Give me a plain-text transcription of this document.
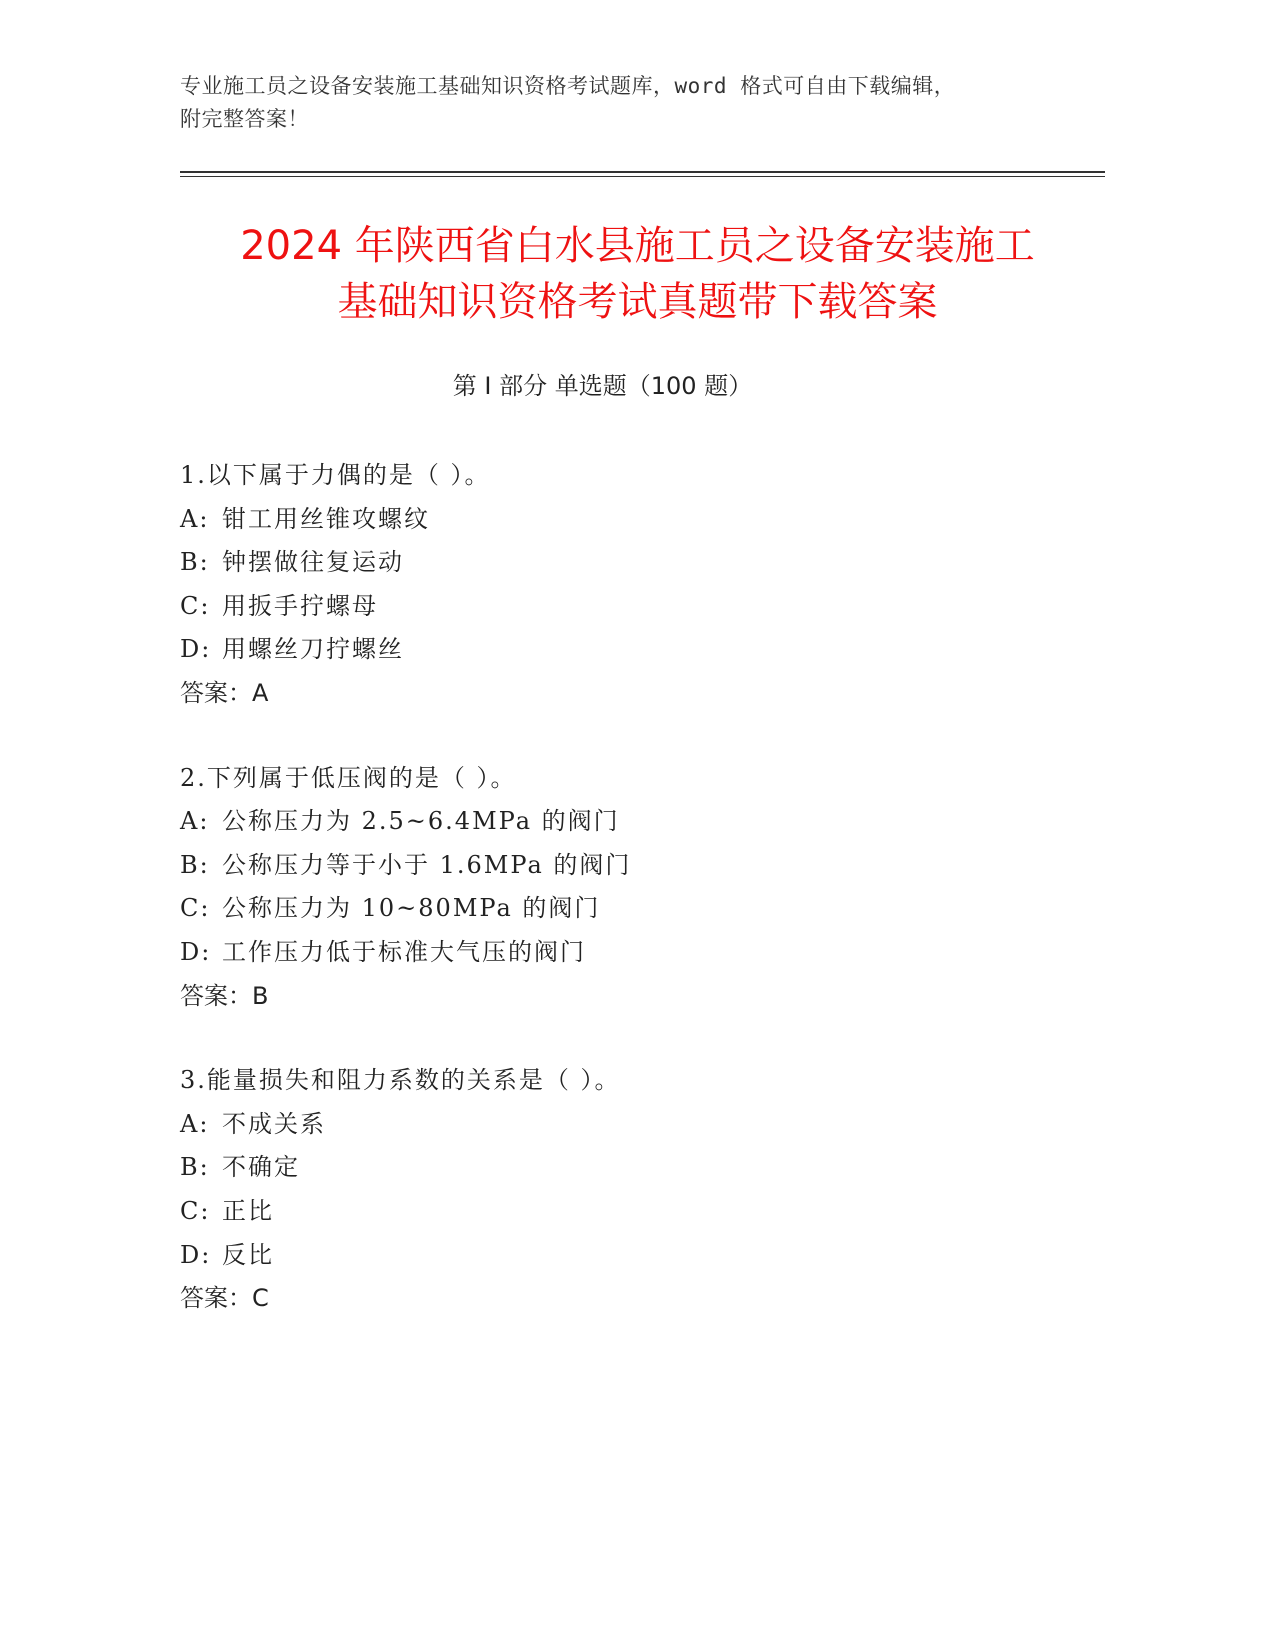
专业施工员之设备安装施工基础知识资格考试题库，word 格式可自由下载编辑，
附完整答案！
2024 年陕西省白水县施工员之设备安装施工
基础知识资格考试真题带下载答案
第 I 部分 单选题（100 题）
1.以下属于力偶的是（ ）。
A: 钳工用丝锥攻螺纹
B: 钟摆做往复运动
C: 用扳手拧螺母
D: 用螺丝刀拧螺丝
答案：A
2.下列属于低压阀的是（ ）。
A: 公称压力为 2.5~6.4MPa 的阀门
B: 公称压力等于小于 1.6MPa 的阀门
C: 公称压力为 10~80MPa 的阀门
D: 工作压力低于标准大气压的阀门
答案：B
3.能量损失和阻力系数的关系是（ ）。
A: 不成关系
B: 不确定
C: 正比
D: 反比
答案：C
